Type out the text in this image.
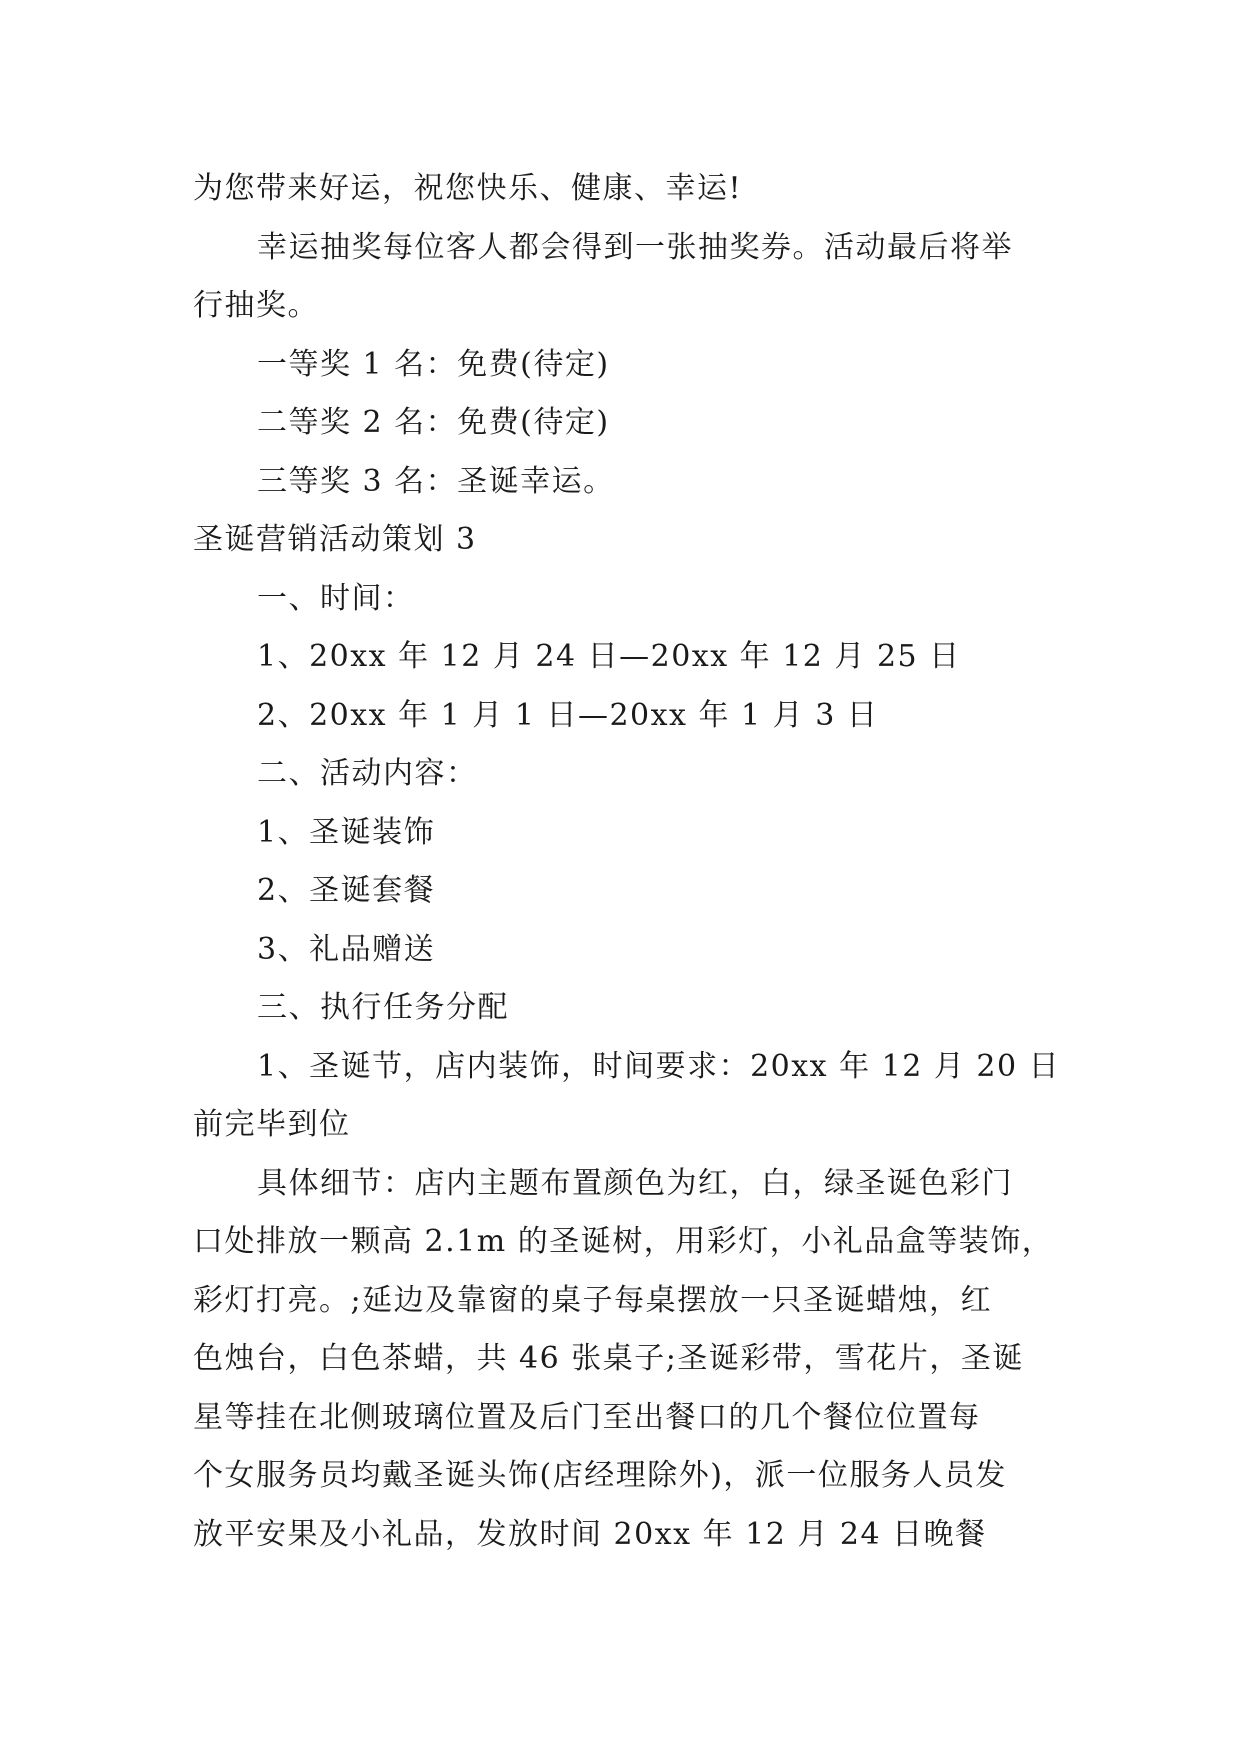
为您带来好运，祝您快乐、健康、幸运!
幸运抽奖每位客人都会得到一张抽奖券。活动最后将举
行抽奖。
一等奖 1 名：免费(待定)
二等奖 2 名：免费(待定)
三等奖 3 名：圣诞幸运。
圣诞营销活动策划 3
一、时间：
1、20xx 年 12 月 24 日—20xx 年 12 月 25 日
2、20xx 年 1 月 1 日—20xx 年 1 月 3 日
二、活动内容：
1、圣诞装饰
2、圣诞套餐
3、礼品赠送
三、执行任务分配
1、圣诞节，店内装饰，时间要求：20xx 年 12 月 20 日
前完毕到位
具体细节：店内主题布置颜色为红，白，绿圣诞色彩门
口处排放一颗高 2.1m 的圣诞树，用彩灯，小礼品盒等装饰，
彩灯打亮。;延边及靠窗的桌子每桌摆放一只圣诞蜡烛，红
色烛台，白色茶蜡，共 46 张桌子;圣诞彩带，雪花片，圣诞
星等挂在北侧玻璃位置及后门至出餐口的几个餐位位置每
个女服务员均戴圣诞头饰(店经理除外)，派一位服务人员发
放平安果及小礼品，发放时间 20xx 年 12 月 24 日晚餐
